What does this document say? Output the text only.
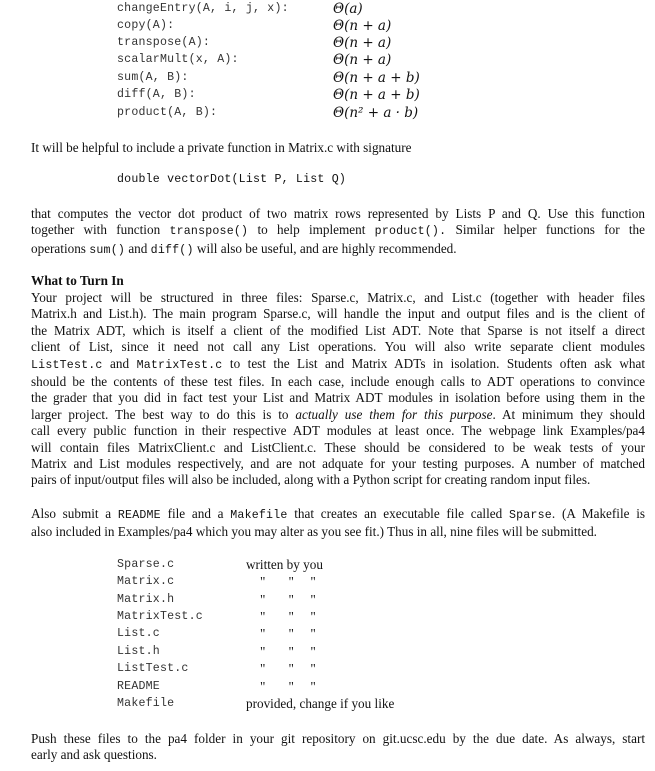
changeEntry(A, i, j, x):	Θ(a)
copy(A):	Θ(n + a)
transpose(A):	Θ(n + a)
scalarMult(x, A):	Θ(n + a)
sum(A, B):	Θ(n + a + b)
diff(A, B):	Θ(n + a + b)
product(A, B):	Θ(n² + a · b)
It will be helpful to include a private function in Matrix.c with signature
double vectorDot(List P, List Q)
that computes the vector dot product of two matrix rows represented by Lists P and Q. Use this function
together with function transpose() to help implement product(). Similar helper functions for the
operations sum() and diff() will also be useful, and are highly recommended.
What to Turn In
Your project will be structured in three files: Sparse.c, Matrix.c, and List.c (together with header files
Matrix.h and List.h). The main program Sparse.c, will handle the input and output files and is the client of
the Matrix ADT, which is itself a client of the modified List ADT. Note that Sparse is not itself a direct
client of List, since it need not call any List operations. You will also write separate client modules
ListTest.c and MatrixTest.c to test the List and Matrix ADTs in isolation. Students often ask what
should be the contents of these test files. In each case, include enough calls to ADT operations to convince
the grader that you did in fact test your List and Matrix ADT modules in isolation before using them in the
larger project. The best way to do this is to actually use them for this purpose. At minimum they should
call every public function in their respective ADT modules at least once. The webpage link Examples/pa4
will contain files MatrixClient.c and ListClient.c. These should be considered to be weak tests of your
Matrix and List modules respectively, and are not adquate for your testing purposes. A number of matched
pairs of input/output files will also be included, along with a Python script for creating random input files.
Also submit a README file and a Makefile that creates an executable file called Sparse. (A Makefile is
also included in Examples/pa4 which you may alter as you see fit.) Thus in all, nine files will be submitted.
Sparse.c	written by you
Matrix.c	"       "     "
Matrix.h	"       "     "
MatrixTest.c	"       "     "
List.c	"       "     "
List.h	"       "     "
ListTest.c	"       "     "
README	"       "     "
Makefile	provided, change if you like
Push these files to the pa4 folder in your git repository on git.ucsc.edu by the due date. As always, start
early and ask questions.
